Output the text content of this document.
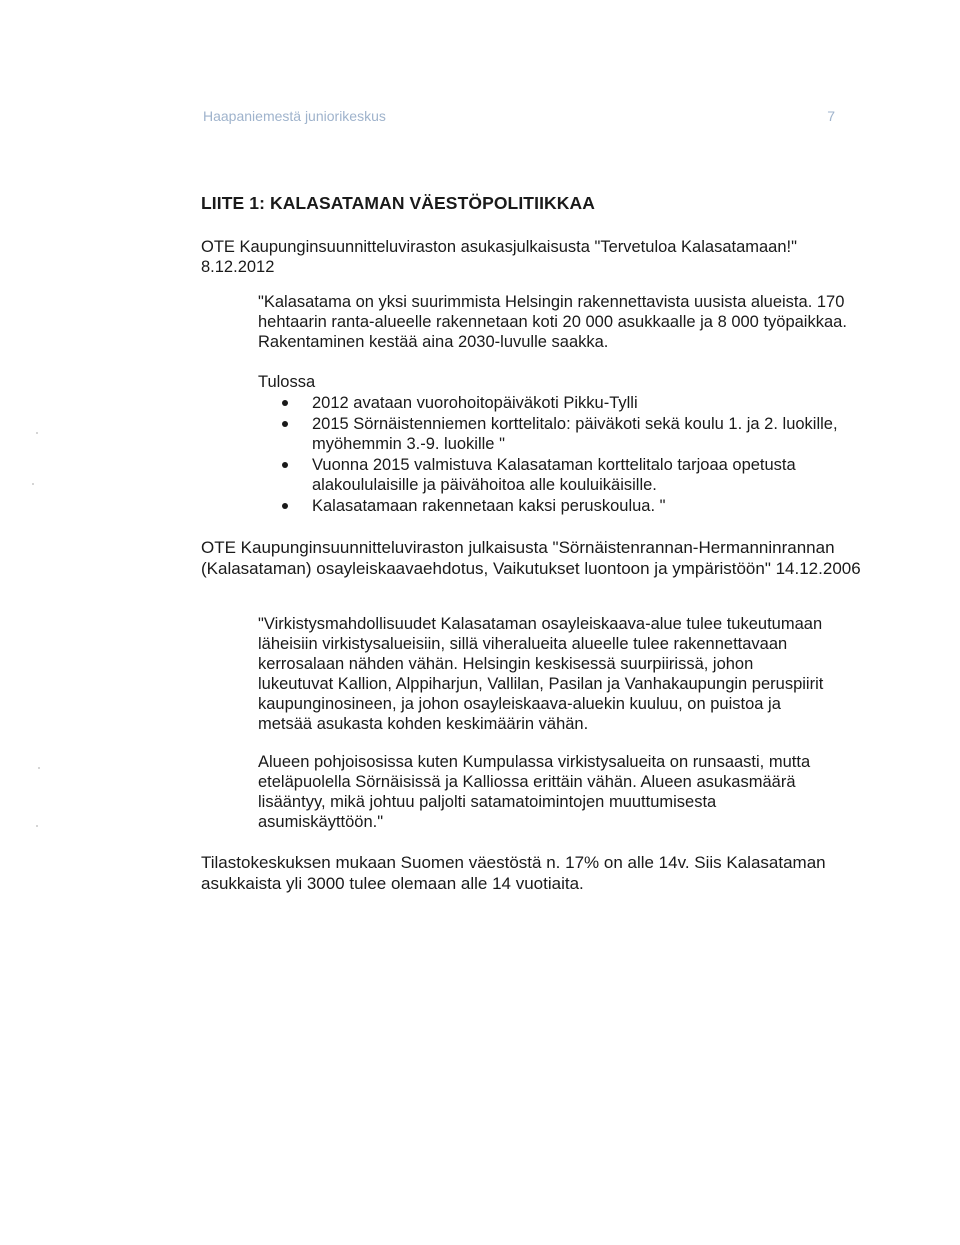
Haapaniemestä juniorikeskus	7
LIITE 1: KALASATAMAN VÄESTÖPOLITIIKKAA

OTE Kaupunginsuunnitteluviraston asukasjulkaisusta "Tervetuloa Kalasatamaan!" 8.12.2012

"Kalasatama on yksi suurimmista Helsingin rakennettavista uusista alueista. 170 hehtaarin ranta-alueelle rakennetaan koti 20 000 asukkaalle ja 8 000 työpaikkaa. Rakentaminen kestää aina 2030-luvulle saakka.

Tulossa

2012 avataan vuorohoitopäiväkoti Pikku-Tylli
2015 Sörnäistenniemen korttelitalo: päiväkoti sekä koulu 1. ja 2. luokille, myöhemmin 3.-9. luokille "
Vuonna 2015 valmistuva Kalasataman korttelitalo tarjoaa opetusta alakoululaisille ja päivähoitoa alle kouluikäisille.
Kalasatamaan rakennetaan kaksi peruskoulua. "

OTE Kaupunginsuunnitteluviraston julkaisusta "Sörnäistenrannan-Hermanninrannan (Kalasataman) osayleiskaavaehdotus, Vaikutukset luontoon ja ympäristöön" 14.12.2006

"Virkistysmahdollisuudet Kalasataman osayleiskaava-alue tulee tukeutumaan läheisiin virkistysalueisiin, sillä viheralueita alueelle tulee rakennettavaan kerrosalaan nähden vähän. Helsingin keskisessä suurpiirissä, johon lukeutuvat Kallion, Alppiharjun, Vallilan, Pasilan ja Vanhakaupungin peruspiirit kaupunginosineen, ja johon osayleiskaava-aluekin kuuluu, on puistoa ja metsää asukasta kohden keskimäärin vähän.

Alueen pohjoisosissa kuten Kumpulassa virkistysalueita on runsaasti, mutta eteläpuolella Sörnäisissä ja Kalliossa erittäin vähän. Alueen asukasmäärä lisääntyy, mikä johtuu paljolti satamatoimintojen muuttumisesta asumiskäyttöön."

Tilastokeskuksen mukaan Suomen väestöstä n. 17% on alle 14v. Siis Kalasataman asukkaista yli 3000 tulee olemaan alle 14 vuotiaita.
